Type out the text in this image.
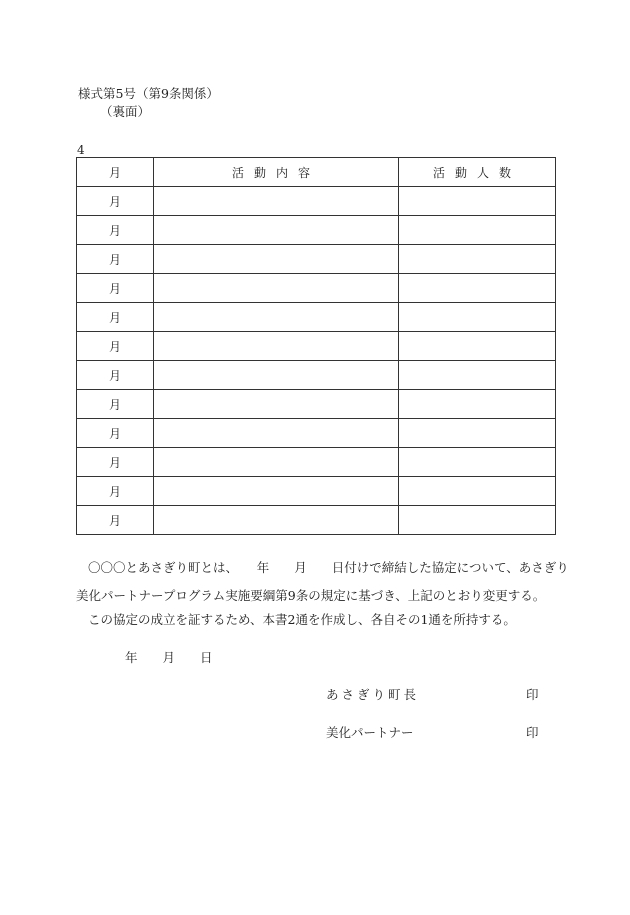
様式第5号（第9条関係）
（裏面）
4
月	活動内容	活動人数
月		
月		
月		
月		
月		
月		
月		
月		
月		
月		
月		
月		
〇〇〇とあさぎり町とは、　　年　　月　　日付けで締結した協定について、あさぎり
美化パートナープログラム実施要綱第9条の規定に基づき、上記のとおり変更する。
この協定の成立を証するため、本書2通を作成し、各自その1通を所持する。
年　　月　　日
あさぎり町長	印
美化パートナー	印
